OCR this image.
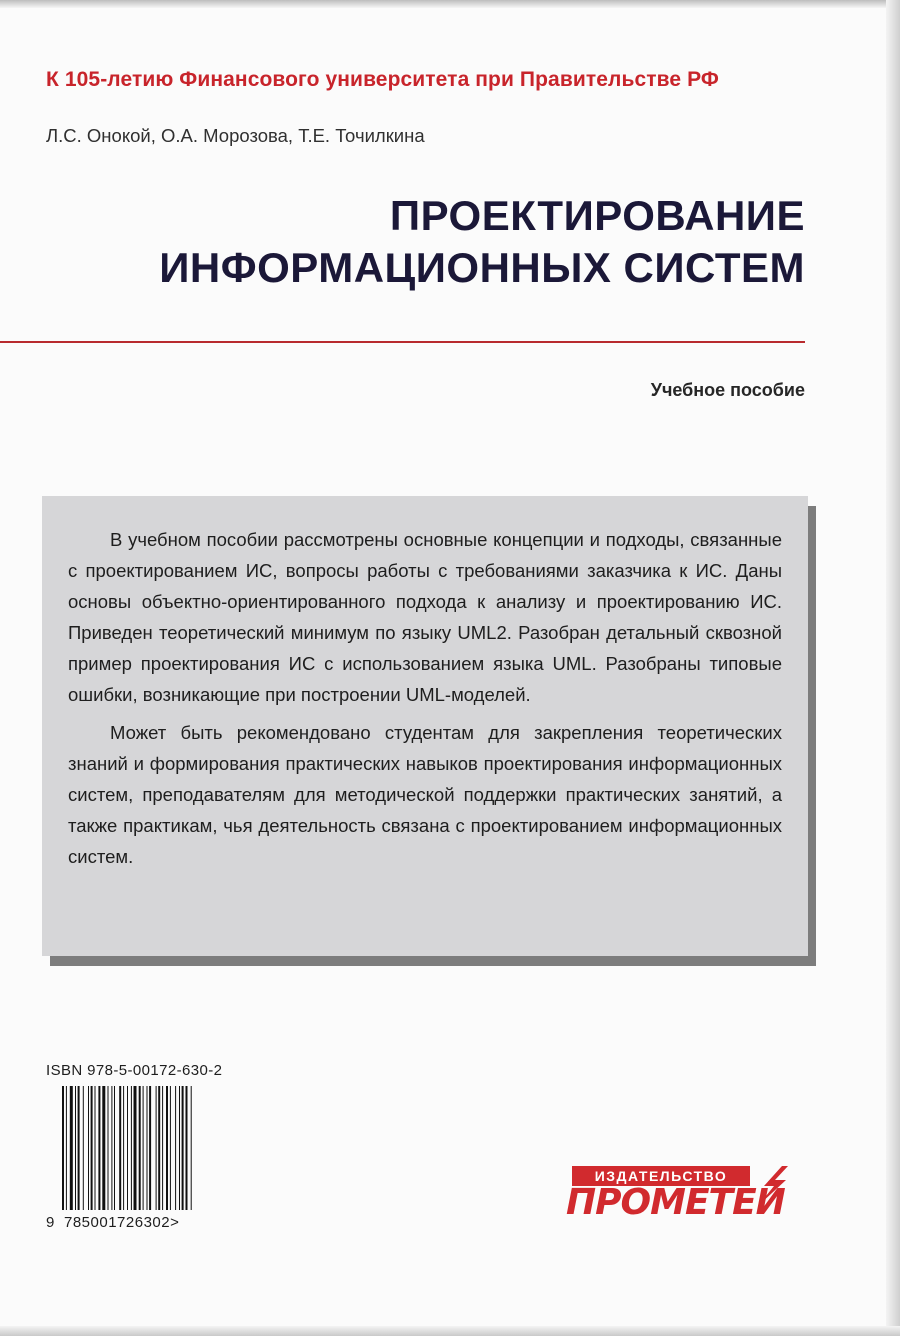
К 105-летию Финансового университета при Правительстве РФ
Л.С. Онокой, О.А. Морозова, Т.Е. Точилкина
ПРОЕКТИРОВАНИЕ
ИНФОРМАЦИОННЫХ СИСТЕМ
Учебное пособие

В учебном пособии рассмотрены основные концепции и подходы, связанные с проектированием ИС, вопросы работы с требованиями заказчика к ИС. Даны основы объектно-ориентированного подхода к анализу и проектированию ИС. Приведен теоретический минимум по языку UML2. Разобран детальный сквозной пример проектирования ИС с использованием языка UML. Разобраны типовые ошибки, возникающие при построении UML-моделей.

Может быть рекомендовано студентам для закрепления теоретических знаний и формирования практических навыков проектирования информационных систем, преподавателям для методической поддержки практических занятий, а также практикам, чья деятельность связана с проектированием информационных систем.

ISBN 978-5-00172-630-2
9 785001726302>
ИЗДАТЕЛЬСТВО
ПРОМЕТЕЙ
